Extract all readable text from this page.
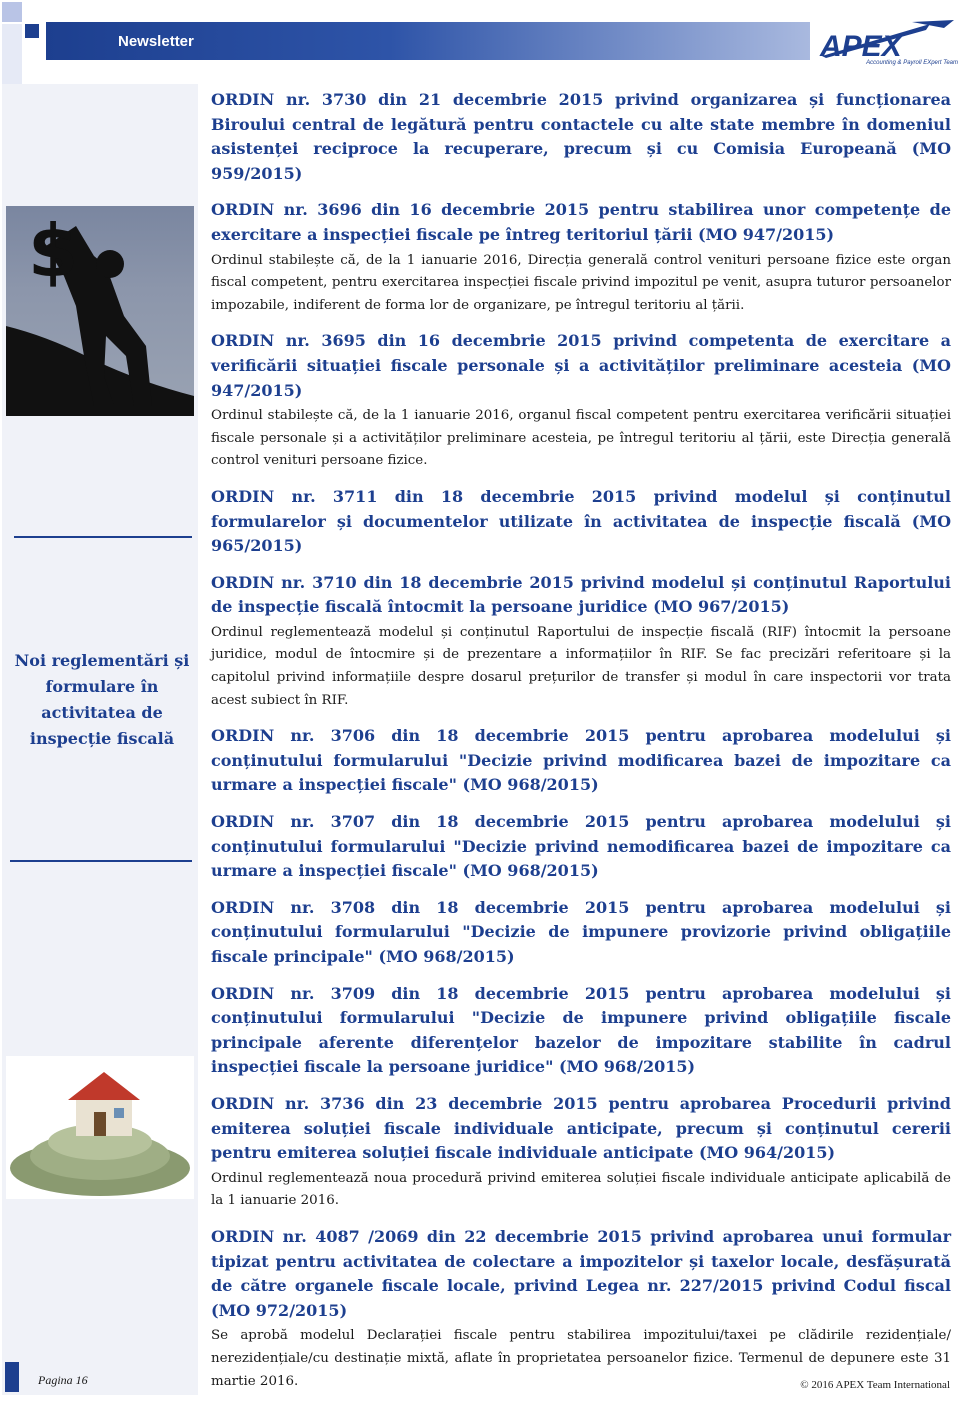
Newsletter	APEX
Accounting & Payroll EXpert Team
$
Noi reglementări și formulare în activitatea de inspecție fiscală
Pagina 16

ORDIN nr. 3730 din 21 decembrie 2015 privind organizarea și funcționarea Biroului central de legătură pentru contactele cu alte state membre în domeniul asistenței reciproce la recuperare, precum și cu Comisia Europeană (MO 959/2015)

ORDIN nr. 3696 din 16 decembrie 2015 pentru stabilirea unor competențe de exercitare a inspecției fiscale pe întreg teritoriul țării (MO 947/2015)

Ordinul stabilește că, de la 1 ianuarie 2016, Direcția generală control venituri persoane fizice este organ fiscal competent, pentru exercitarea inspecției fiscale privind impozitul pe venit, asupra tuturor persoanelor impozabile, indiferent de forma lor de organizare, pe întregul teritoriu al țării.

ORDIN nr. 3695 din 16 decembrie 2015 privind competenta de exercitare a verificării situației fiscale personale și a activităților preliminare acesteia (MO 947/2015)

Ordinul stabilește că, de la 1 ianuarie 2016, organul fiscal competent pentru exercitarea verificării situației fiscale personale și a activităților preliminare acesteia, pe întregul teritoriu al țării, este Direcția generală control venituri persoane fizice.

ORDIN nr. 3711 din 18 decembrie 2015 privind modelul și conținutul formularelor și documentelor utilizate în activitatea de inspecție fiscală (MO 965/2015)

ORDIN nr. 3710 din 18 decembrie 2015 privind modelul și conținutul Raportului de inspecție fiscală întocmit la persoane juridice (MO 967/2015)

Ordinul reglementează modelul și conținutul Raportului de inspecție fiscală (RIF) întocmit la persoane juridice, modul de întocmire și de prezentare a informațiilor în RIF. Se fac precizări referitoare și la capitolul privind informațiile despre dosarul prețurilor de transfer și modul în care inspectorii vor trata acest subiect în RIF.

ORDIN nr. 3706 din 18 decembrie 2015 pentru aprobarea modelului și conținutului formularului "Decizie privind modificarea bazei de impozitare ca urmare a inspecției fiscale" (MO 968/2015)

ORDIN nr. 3707 din 18 decembrie 2015 pentru aprobarea modelului și conținutului formularului "Decizie privind nemodificarea bazei de impozitare ca urmare a inspecției fiscale" (MO 968/2015)

ORDIN nr. 3708 din 18 decembrie 2015 pentru aprobarea modelului și conținutului formularului "Decizie de impunere provizorie privind obligațiile fiscale principale" (MO 968/2015)

ORDIN nr. 3709 din 18 decembrie 2015 pentru aprobarea modelului și conținutului formularului "Decizie de impunere privind obligațiile fiscale principale aferente diferențelor bazelor de impozitare stabilite în cadrul inspecției fiscale la persoane juridice" (MO 968/2015)

ORDIN nr. 3736 din 23 decembrie 2015 pentru aprobarea Procedurii privind emiterea soluției fiscale individuale anticipate, precum și conținutul cererii pentru emiterea soluției fiscale individuale anticipate (MO 964/2015)

Ordinul reglementează noua procedură privind emiterea soluției fiscale individuale anticipate aplicabilă de la 1 ianuarie 2016.

ORDIN nr. 4087 /2069 din 22 decembrie 2015 privind aprobarea unui formular tipizat pentru activitatea de colectare a impozitelor și taxelor locale, desfășurată de către organele fiscale locale, privind Legea nr. 227/2015 privind Codul fiscal (MO 972/2015)

Se aprobă modelul Declarației fiscale pentru stabilirea impozitului/taxei pe clădirile rezidențiale/ nerezidențiale/cu destinație mixtă, aflate în proprietatea persoanelor fizice. Termenul de depunere este 31 martie 2016.	© 2016 APEX Team International
